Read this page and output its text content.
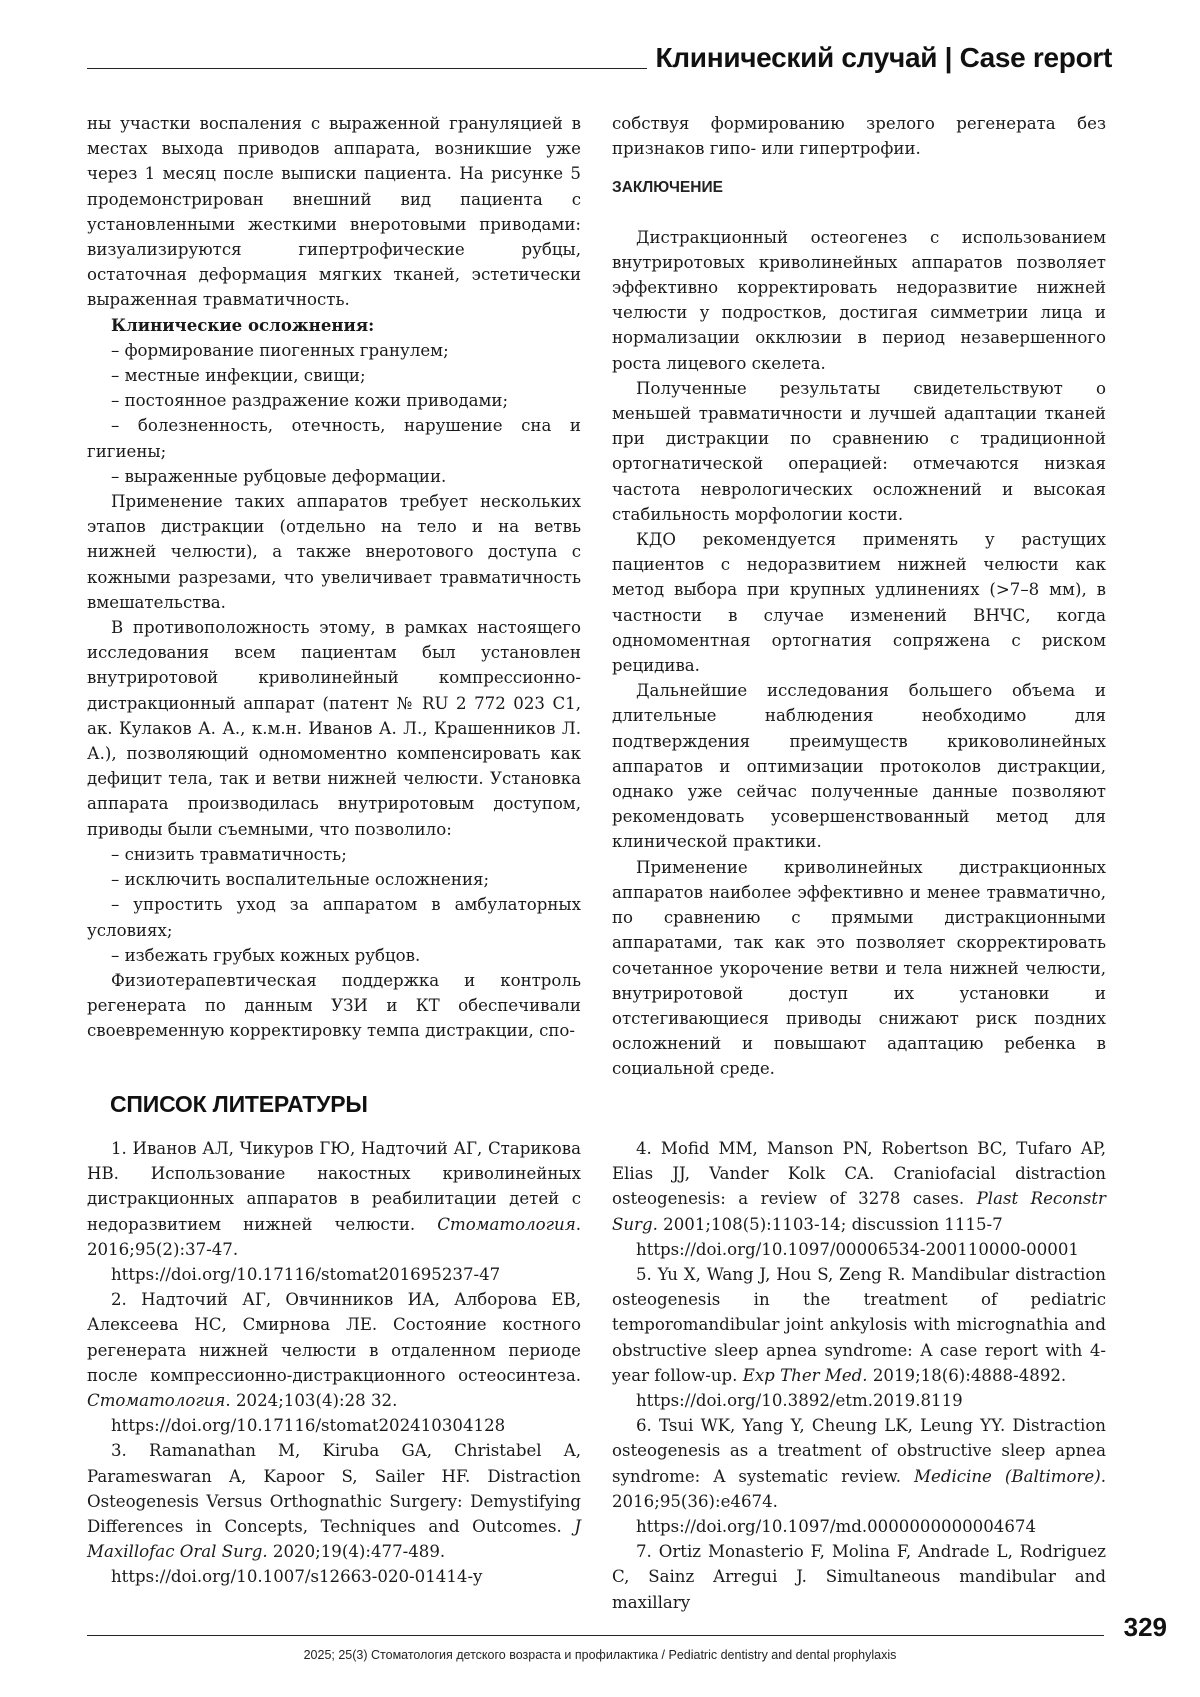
Клинический случай | Case report

ны участки воспаления с выраженной грануляцией в местах выхода приводов аппарата, возникшие уже через 1 месяц после выписки пациента. На рисунке 5 продемонстрирован внешний вид пациента с установленными жесткими внеротовыми приводами: визуализируются гипертрофические рубцы, остаточная деформация мягких тканей, эстетически выраженная травматичность.

Клинические осложнения:

– формирование пиогенных гранулем;

– местные инфекции, свищи;

– постоянное раздражение кожи приводами;

– болезненность, отечность, нарушение сна и гигиены;

– выраженные рубцовые деформации.

Применение таких аппаратов требует нескольких этапов дистракции (отдельно на тело и на ветвь нижней челюсти), а также внеротового доступа с кожными разрезами, что увеличивает травматичность вмешательства.

В противоположность этому, в рамках настоящего исследования всем пациентам был установлен внутриротовой криволинейный компрессионно-дистракционный аппарат (патент № RU 2 772 023 C1, ак. Кулаков А. А., к.м.н. Иванов А. Л., Крашенников Л. А.), позволяющий одномоментно компенсировать как дефицит тела, так и ветви нижней челюсти. Установка аппарата производилась внутриротовым доступом, приводы были съемными, что позволило:

– снизить травматичность;

– исключить воспалительные осложнения;

– упростить уход за аппаратом в амбулаторных условиях;

– избежать грубых кожных рубцов.

Физиотерапевтическая поддержка и контроль регенерата по данным УЗИ и КТ обеспечивали своевременную корректировку темпа дистракции, спо-

собствуя формированию зрелого регенерата без признаков гипо- или гипертрофии.

ЗАКЛЮЧЕНИЕ

Дистракционный остеогенез с использованием внутриротовых криволинейных аппаратов позволяет эффективно корректировать недоразвитие нижней челюсти у подростков, достигая симметрии лица и нормализации окклюзии в период незавершенного роста лицевого скелета.

Полученные результаты свидетельствуют о меньшей травматичности и лучшей адаптации тканей при дистракции по сравнению с традиционной ортогнатической операцией: отмечаются низкая частота неврологических осложнений и высокая стабильность морфологии кости.

КДО рекомендуется применять у растущих пациентов с недоразвитием нижней челюсти как метод выбора при крупных удлинениях (>7–8 мм), в частности в случае изменений ВНЧС, когда одномоментная ортогнатия сопряжена с риском рецидива.

Дальнейшие исследования большего объема и длительные наблюдения необходимо для подтверждения преимуществ криковолинейных аппаратов и оптимизации протоколов дистракции, однако уже сейчас полученные данные позволяют рекомендовать усовершенствованный метод для клинической практики.

Применение криволинейных дистракционных аппаратов наиболее эффективно и менее травматично, по сравнению с прямыми дистракционными аппаратами, так как это позволяет скорректировать сочетанное укорочение ветви и тела нижней челюсти, внутриротовой доступ их установки и отстегивающиеся приводы снижают риск поздних осложнений и повышают адаптацию ребенка в социальной среде.

СПИСОК ЛИТЕРАТУРЫ

1. Иванов АЛ, Чикуров ГЮ, Надточий АГ, Старикова НВ. Использование накостных криволинейных дистракционных аппаратов в реабилитации детей с недоразвитием нижней челюсти. Стоматология. 2016;95(2):37-47.

https://doi.org/10.17116/stomat201695237-47

2. Надточий АГ, Овчинников ИА, Алборова ЕВ, Алексеева НС, Смирнова ЛЕ. Состояние костного регенерата нижней челюсти в отдаленном периоде после компрессионно-дистракционного остеосинтеза. Стоматология. 2024;103(4):28 32.

https://doi.org/10.17116/stomat202410304128

3. Ramanathan M, Kiruba GA, Christabel A, Parameswaran A, Kapoor S, Sailer HF. Distraction Osteogenesis Versus Orthognathic Surgery: Demystifying Differences in Concepts, Techniques and Outcomes. J Maxillofac Oral Surg. 2020;19(4):477-489.

https://doi.org/10.1007/s12663-020-01414-y

4. Mofid MM, Manson PN, Robertson BC, Tufaro AP, Elias JJ, Vander Kolk CA. Craniofacial distraction osteogenesis: a review of 3278 cases. Plast Reconstr Surg. 2001;108(5):1103-14; discussion 1115-7

https://doi.org/10.1097/00006534-200110000-00001

5. Yu X, Wang J, Hou S, Zeng R. Mandibular distraction osteogenesis in the treatment of pediatric temporomandibular joint ankylosis with micrognathia and obstructive sleep apnea syndrome: A case report with 4-year follow-up. Exp Ther Med. 2019;18(6):4888-4892.

https://doi.org/10.3892/etm.2019.8119

6. Tsui WK, Yang Y, Cheung LK, Leung YY. Distraction osteogenesis as a treatment of obstructive sleep apnea syndrome: A systematic review. Medicine (Baltimore). 2016;95(36):e4674.

https://doi.org/10.1097/md.0000000000004674

7. Ortiz Monasterio F, Molina F, Andrade L, Rodriguez C, Sainz Arregui J. Simultaneous mandibular and maxillary

329
2025; 25(3) Стоматология детского возраста и профилактика / Pediatric dentistry and dental prophylaxis
